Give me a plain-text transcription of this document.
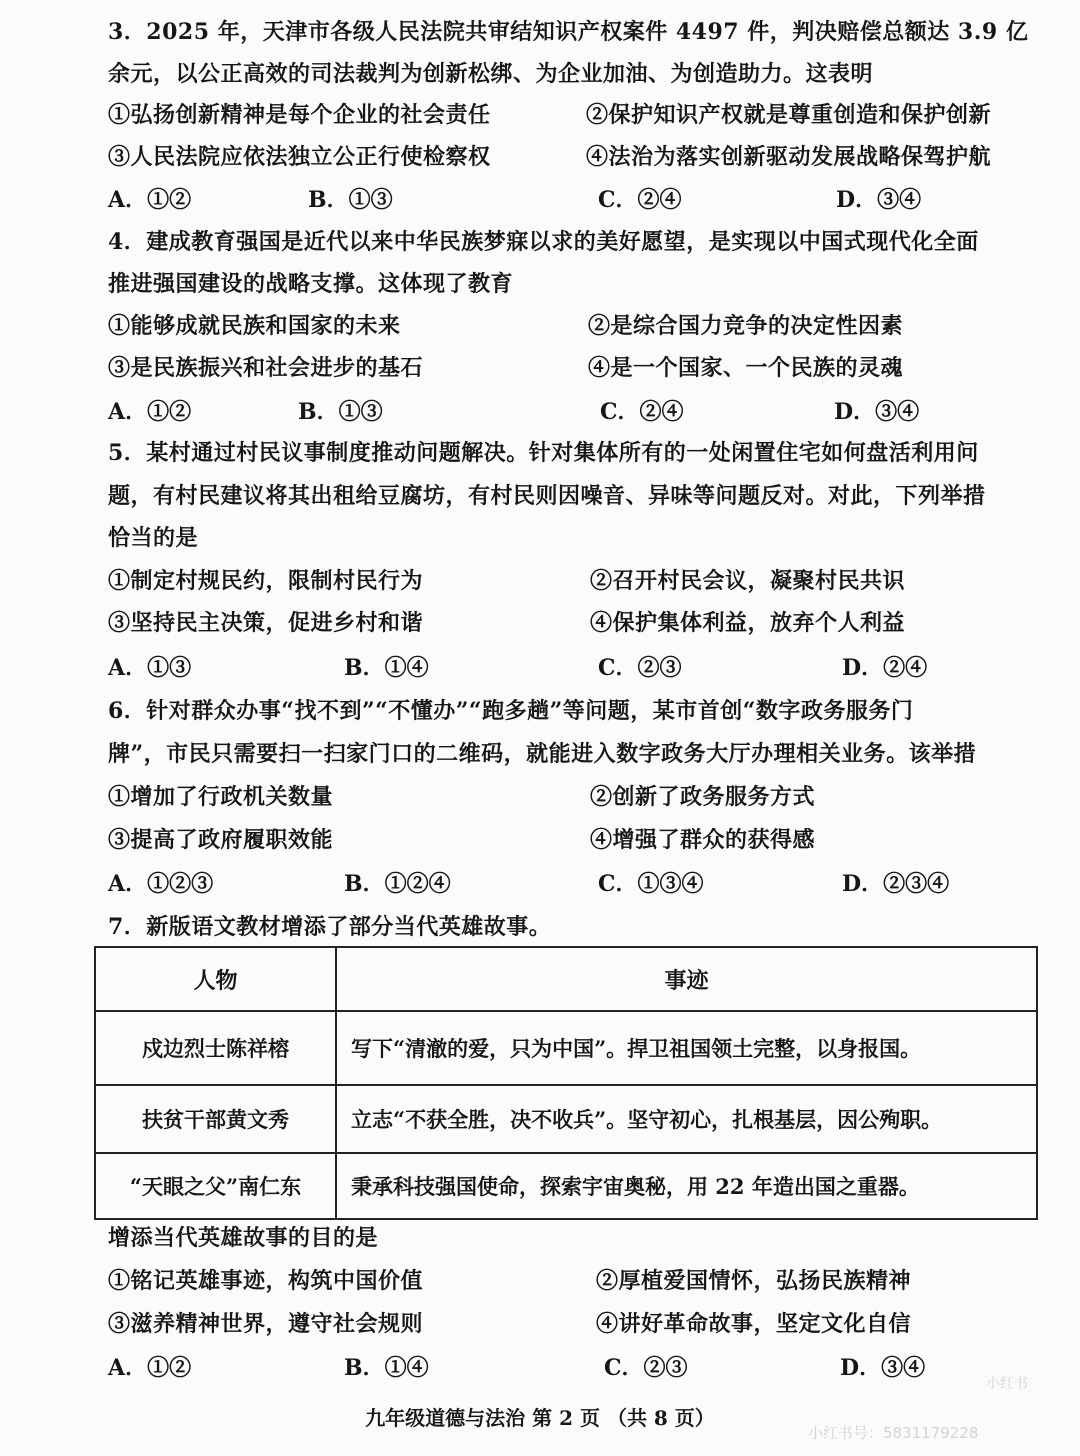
3．2025 年，天津市各级人民法院共审结知识产权案件 4497 件，判决赔偿总额达 3.9 亿
余元，以公正高效的司法裁判为创新松绑、为企业加油、为创造助力。这表明
①弘扬创新精神是每个企业的社会责任	②保护知识产权就是尊重创造和保护创新
③人民法院应依法独立公正行使检察权	④法治为落实创新驱动发展战略保驾护航
A．①②	B．①③	C．②④	D．③④
4．建成教育强国是近代以来中华民族梦寐以求的美好愿望，是实现以中国式现代化全面
推进强国建设的战略支撑。这体现了教育
①能够成就民族和国家的未来	②是综合国力竞争的决定性因素
③是民族振兴和社会进步的基石	④是一个国家、一个民族的灵魂
A．①②	B．①③	C．②④	D．③④
5．某村通过村民议事制度推动问题解决。针对集体所有的一处闲置住宅如何盘活利用问
题，有村民建议将其出租给豆腐坊，有村民则因噪音、异味等问题反对。对此，下列举措
恰当的是
①制定村规民约，限制村民行为	②召开村民会议，凝聚村民共识
③坚持民主决策，促进乡村和谐	④保护集体利益，放弃个人利益
A．①③	B．①④	C．②③	D．②④
6．针对群众办事“找不到”“不懂办”“跑多趟”等问题，某市首创“数字政务服务门
牌”，市民只需要扫一扫家门口的二维码，就能进入数字政务大厅办理相关业务。该举措
①增加了行政机关数量	②创新了政务服务方式
③提高了政府履职效能	④增强了群众的获得感
A．①②③	B．①②④	C．①③④	D．②③④
7．新版语文教材增添了部分当代英雄故事。
人物	事迹
戍边烈士陈祥榕	写下“清澈的爱，只为中国”。捍卫祖国领土完整，以身报国。
扶贫干部黄文秀	立志“不获全胜，决不收兵”。坚守初心，扎根基层，因公殉职。
“天眼之父”南仁东	秉承科技强国使命，探索宇宙奥秘，用 22 年造出国之重器。
增添当代英雄故事的目的是
①铭记英雄事迹，构筑中国价值	②厚植爱国情怀，弘扬民族精神
③滋养精神世界，遵守社会规则	④讲好革命故事，坚定文化自信
A．①②	B．①④	C．②③	D．③④
九年级道德与法治 第 2 页 （共 8 页）
小红书
小红书号：5831179228
